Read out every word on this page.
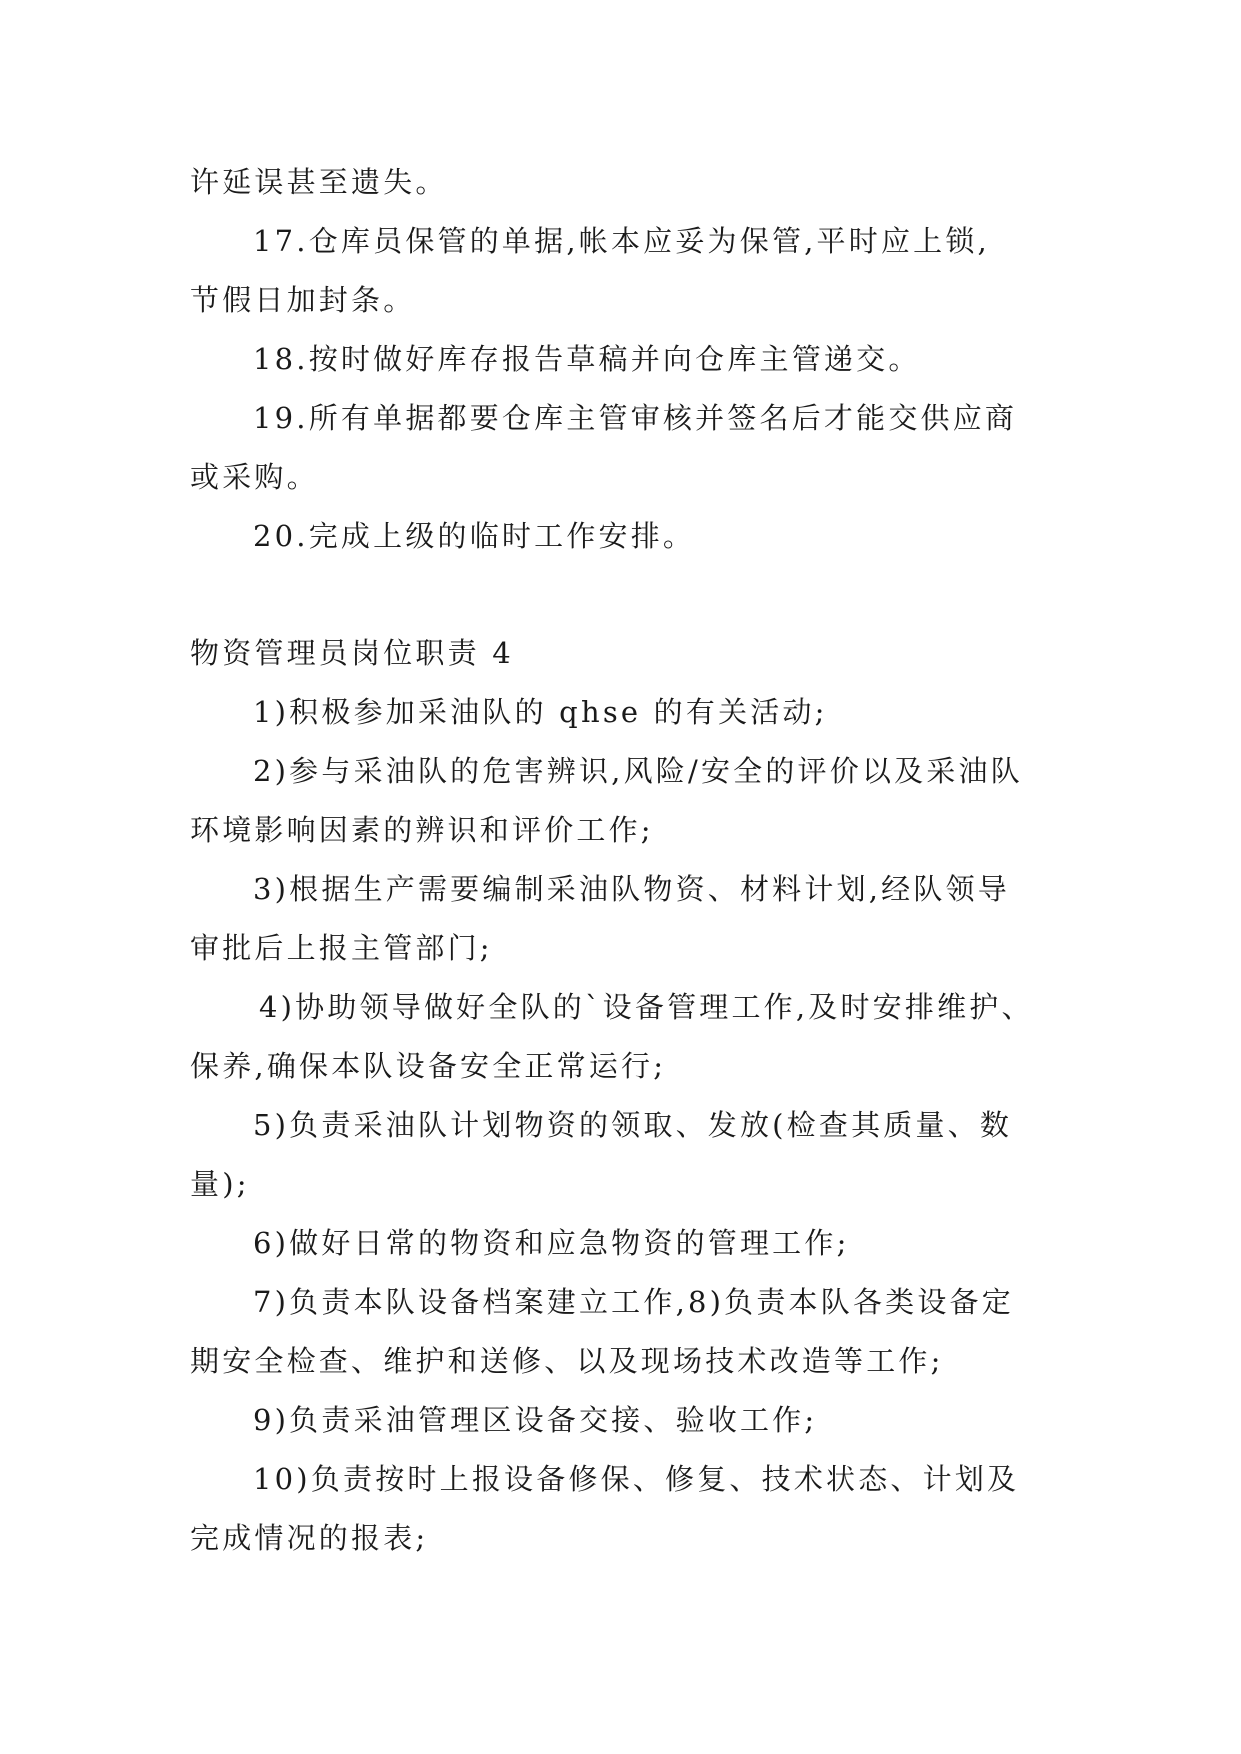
许延误甚至遗失。

17.仓库员保管的单据,帐本应妥为保管,平时应上锁,

节假日加封条。

18.按时做好库存报告草稿并向仓库主管递交。

19.所有单据都要仓库主管审核并签名后才能交供应商

或采购。

20.完成上级的临时工作安排。

物资管理员岗位职责 4

1)积极参加采油队的 qhse 的有关活动;

2)参与采油队的危害辨识,风险/安全的评价以及采油队

环境影响因素的辨识和评价工作;

3)根据生产需要编制采油队物资、材料计划,经队领导

审批后上报主管部门;

4)协助领导做好全队的`设备管理工作,及时安排维护、

保养,确保本队设备安全正常运行;

5)负责采油队计划物资的领取、发放(检查其质量、数

量);

6)做好日常的物资和应急物资的管理工作;

7)负责本队设备档案建立工作,8)负责本队各类设备定

期安全检查、维护和送修、以及现场技术改造等工作;

9)负责采油管理区设备交接、验收工作;

10)负责按时上报设备修保、修复、技术状态、计划及

完成情况的报表;
